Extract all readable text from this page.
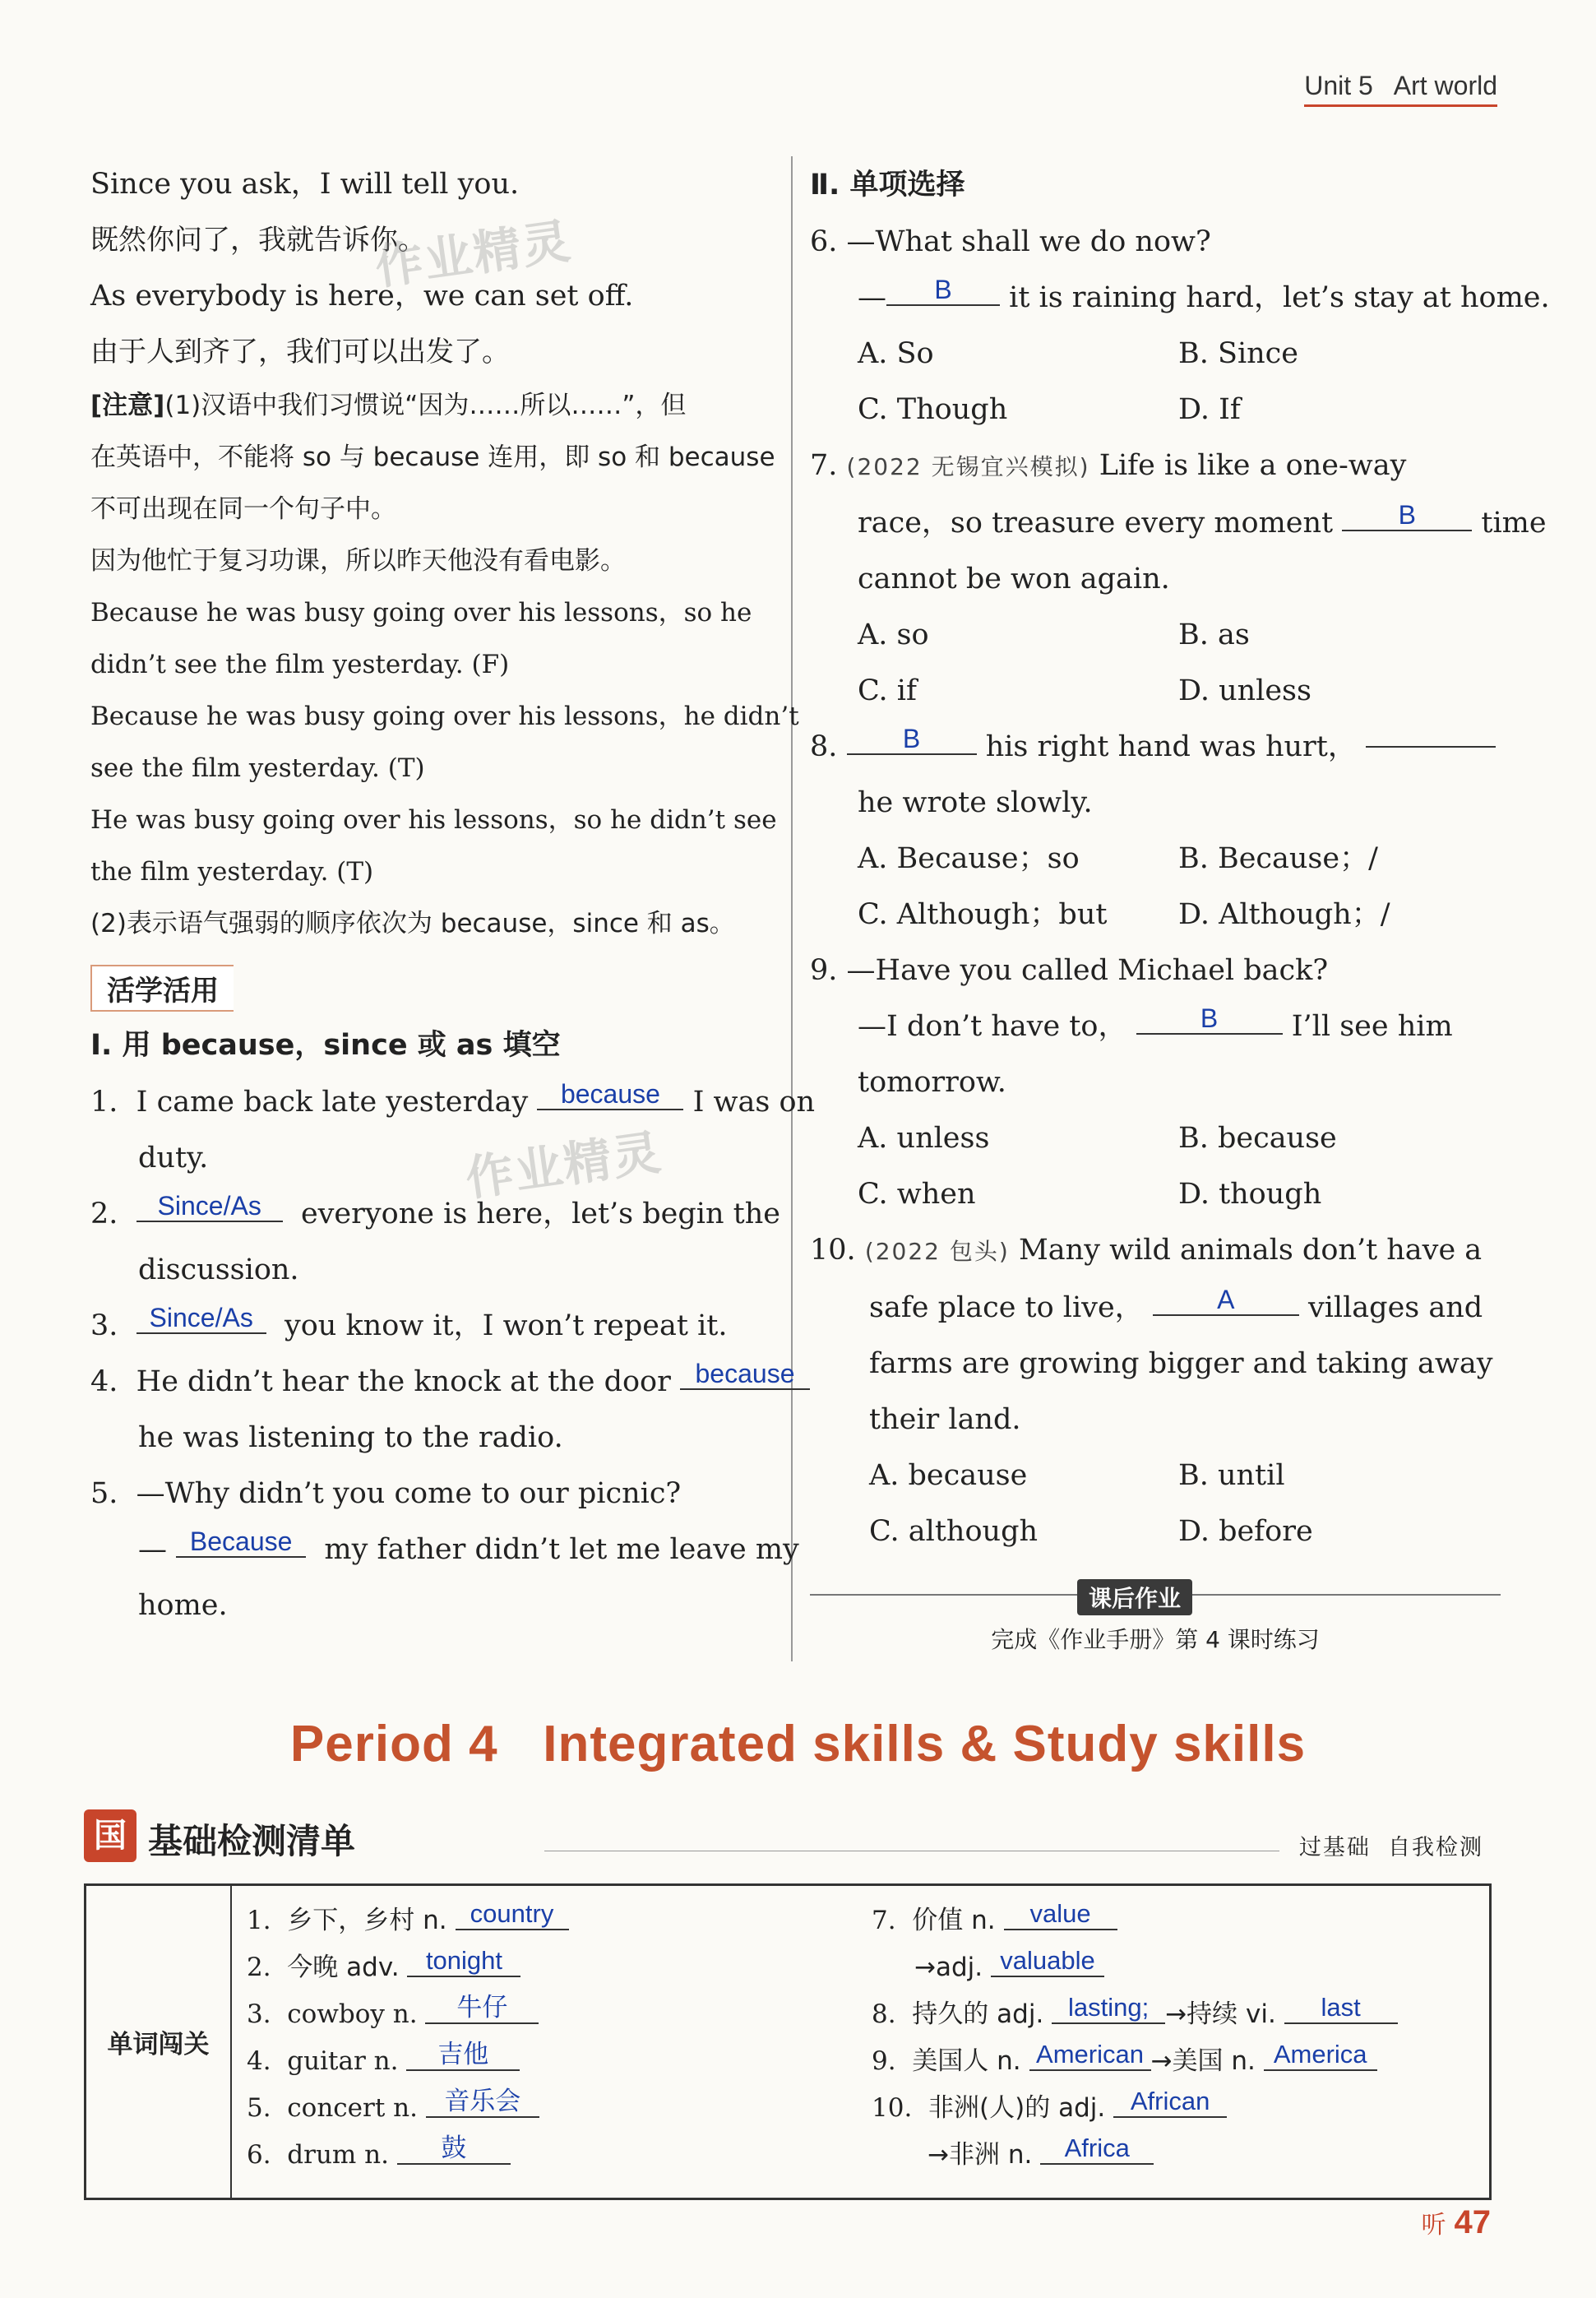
Unit 5 Art world
Since you ask，I will tell you.
既然你问了，我就告诉你。
As everybody is here，we can set off.
由于人到齐了，我们可以出发了。
[注意](1)汉语中我们习惯说“因为……所以……”，但
在英语中，不能将 so 与 because 连用，即 so 和 because
不可出现在同一个句子中。
因为他忙于复习功课，所以昨天他没有看电影。
Because he was busy going over his lessons，so he
didn’t see the film yesterday. (F)
Because he was busy going over his lessons，he didn’t
see the film yesterday. (T)
He was busy going over his lessons，so he didn’t see
the film yesterday. (T)
(2)表示语气强弱的顺序依次为 because，since 和 as。
活学活用
Ⅰ. 用 because，since 或 as 填空
1. I came back late yesterday because I was on
duty.
2. Since/As everyone is here，let’s begin the
discussion.
3. Since/As you know it，I won’t repeat it.
4. He didn’t hear the knock at the door because
he was listening to the radio.
5. —Why didn’t you come to our picnic?
— Because my father didn’t let me leave my
home.
Ⅱ. 单项选择
6. —What shall we do now?
— B it is raining hard，let’s stay at home.
A. So	B. Since
C. Though	D. If
7. (2022 无锡宜兴模拟) Life is like a one-way
race，so treasure every moment B time
cannot be won again.
A. so	B. as
C. if	D. unless
8. B his right hand was hurt，
he wrote slowly.
A. Because；so	B. Because；/
C. Although；but	D. Although；/
9. —Have you called Michael back?
—I don’t have to，	B	I’ll see him
tomorrow.
A. unless	B. because
C. when	D. though
10. (2022 包头) Many wild animals don’t have a
safe place to live，	A	villages and
farms are growing bigger and taking away
their land.
A. because	B. until
C. although	D. before
课后作业
完成《作业手册》第 4 课时练习
Period 4   Integrated skills & Study skills
国 基础检测清单	过基础  自我检测
单词闯关
1. 乡下，乡村 n. country
2. 今晚 adv. tonight
3. cowboy n. 牛仔
4. guitar n. 吉他
5. concert n. 音乐会
6. drum n. 鼓
7. 价值 n. value
→adj. valuable
8. 持久的 adj. lasting; →持续 vi. last
9. 美国人 n. American →美国 n. America
10. 非洲(人)的 adj. African
→非洲 n. Africa
听 47
作业精灵
作业精灵
